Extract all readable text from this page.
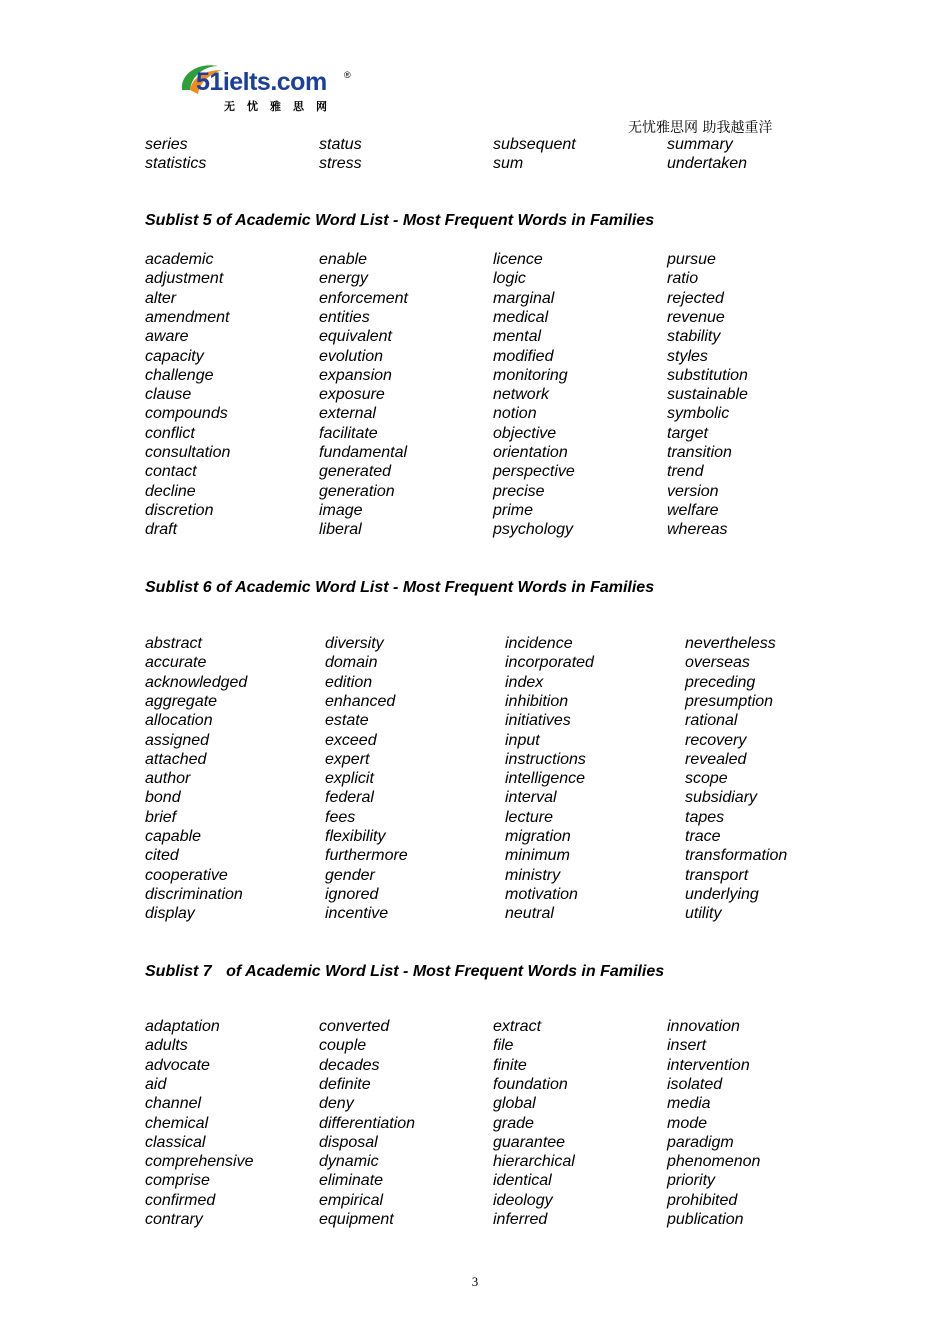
51ielts.com ®
无忧雅思网
无忧雅思网 助我越重洋
series
statistics
status
stress
subsequent
sum
summary
undertaken
Sublist 5 of Academic Word List - Most Frequent Words in Families
academic
adjustment
alter
amendment
aware
capacity
challenge
clause
compounds
conflict
consultation
contact
decline
discretion
draft
enable
energy
enforcement
entities
equivalent
evolution
expansion
exposure
external
facilitate
fundamental
generated
generation
image
liberal
licence
logic
marginal
medical
mental
modified
monitoring
network
notion
objective
orientation
perspective
precise
prime
psychology
pursue
ratio
rejected
revenue
stability
styles
substitution
sustainable
symbolic
target
transition
trend
version
welfare
whereas
Sublist 6 of Academic Word List - Most Frequent Words in Families
abstract
accurate
acknowledged
aggregate
allocation
assigned
attached
author
bond
brief
capable
cited
cooperative
discrimination
display
diversity
domain
edition
enhanced
estate
exceed
expert
explicit
federal
fees
flexibility
furthermore
gender
ignored
incentive
incidence
incorporated
index
inhibition
initiatives
input
instructions
intelligence
interval
lecture
migration
minimum
ministry
motivation
neutral
nevertheless
overseas
preceding
presumption
rational
recovery
revealed
scope
subsidiary
tapes
trace
transformation
transport
underlying
utility
Sublist 7 of Academic Word List - Most Frequent Words in Families
adaptation
adults
advocate
aid
channel
chemical
classical
comprehensive
comprise
confirmed
contrary
converted
couple
decades
definite
deny
differentiation
disposal
dynamic
eliminate
empirical
equipment
extract
file
finite
foundation
global
grade
guarantee
hierarchical
identical
ideology
inferred
innovation
insert
intervention
isolated
media
mode
paradigm
phenomenon
priority
prohibited
publication
3
